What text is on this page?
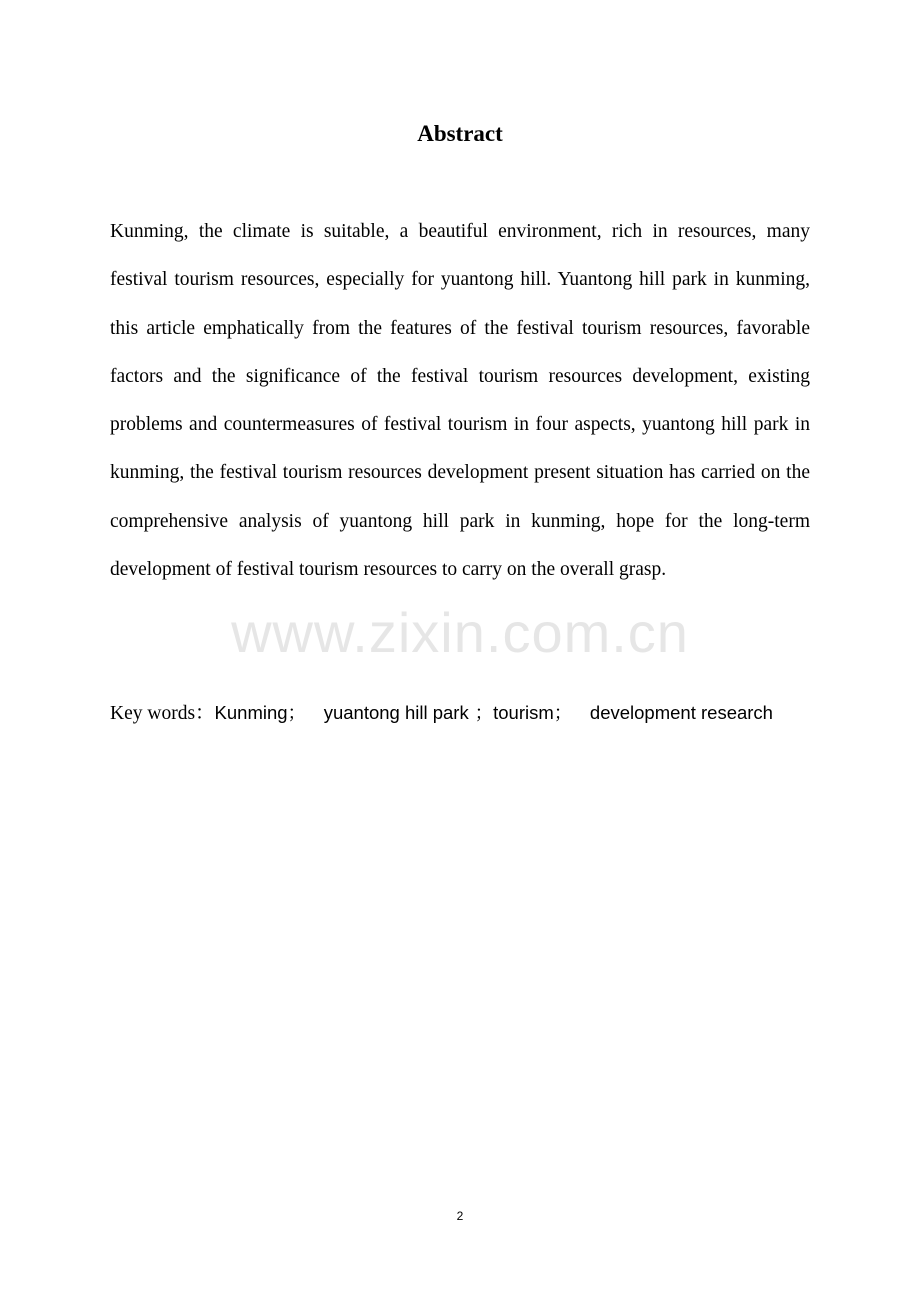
Abstract

Kunming, the climate is suitable, a beautiful environment, rich in resources, many festival tourism resources, especially for yuantong hill. Yuantong hill park in kunming, this article emphatically from the features of the festival tourism resources, favorable factors and the significance of the festival tourism resources development, existing problems and countermeasures of festival tourism in four aspects, yuantong hill park in kunming, the festival tourism resources development present situation has carried on the comprehensive analysis of yuantong hill park in kunming, hope for the long-term development of festival tourism resources to carry on the overall grasp.

www.zixin.com.cn
Key words：Kunming；   yuantong hill park ；tourism；   development research
2
